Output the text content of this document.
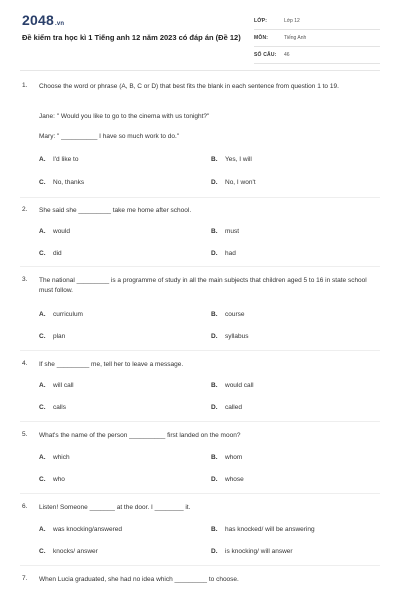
2048.vn
Đề kiểm tra học kì 1 Tiếng anh 12 năm 2023 có đáp án (Đề 12)
LỚP:	Lớp 12
MÔN:	Tiếng Anh
SỐ CÂU: 46
1. Choose the word or phrase (A, B, C or D) that best fits the blank in each sentence from question 1 to 19.
Jane: " Would you like to go to the cinema with us tonight?"
Mary: " __________ I have so much work to do."
A. I'd like to	B. Yes, I will
C. No, thanks	D. No, I won't
2. She said she _________ take me home after school.
A. would	B. must
C. did	D. had
3. The national _________ is a programme of study in all the main subjects that children aged 5 to 16 in state school must follow.
A. curriculum	B. course
C. plan	D. syllabus
4. If she _________ me, tell her to leave a message.
A. will call	B. would call
C. calls	D. called
5. What's the name of the person __________ first landed on the moon?
A. which	B. whom
C. who	D. whose
6. Listen! Someone _______ at the door. I ________ it.
A. was knocking/answered	B. has knocked/ will be answering
C. knocks/ answer	D. is knocking/ will answer
7. When Lucia graduated, she had no idea which _________ to choose.
